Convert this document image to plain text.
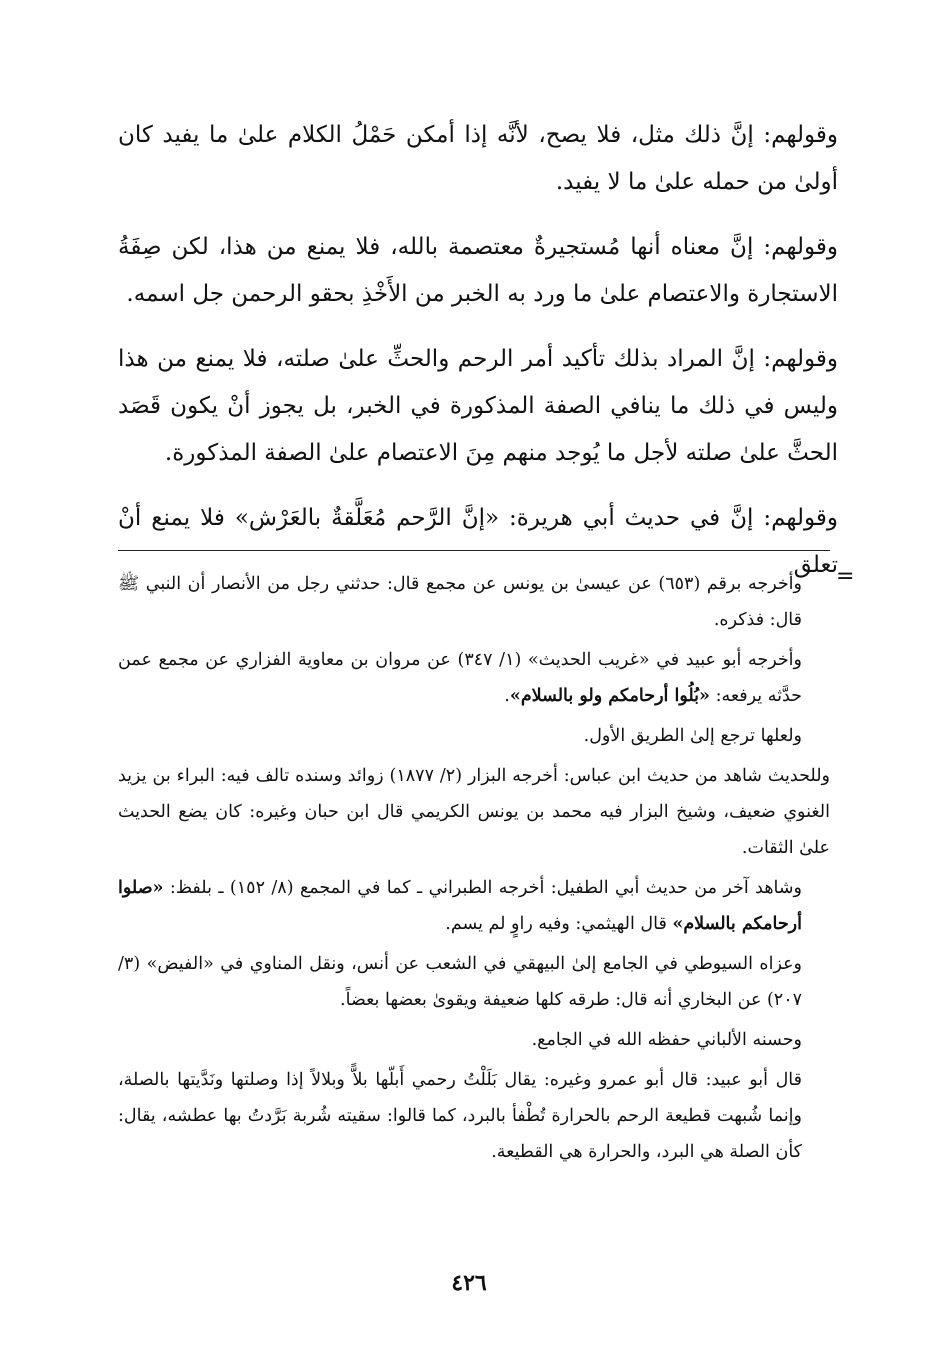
وقولهم: إنَّ ذلك مثل، فلا يصح، لأنَّه إذا أمكن حَمْلُ الكلام علىٰ ما يفيد كان أولىٰ من حمله علىٰ ما لا يفيد.

وقولهم: إنَّ معناه أنها مُستجيرةٌ معتصمة بالله، فلا يمنع من هذا، لكن صِفَةُ الاستجارة والاعتصام علىٰ ما ورد به الخبر من الأَخْذِ بحقو الرحمن جل اسمه.

وقولهم: إنَّ المراد بذلك تأكيد أمر الرحم والحثِّ علىٰ صلته، فلا يمنع من هذا وليس في ذلك ما ينافي الصفة المذكورة في الخبر، بل يجوز أنْ يكون قَصَد الحثَّ علىٰ صلته لأجل ما يُوجد منهم مِنَ الاعتصام علىٰ الصفة المذكورة.

وقولهم: إنَّ في حديث أبي هريرة: «إنَّ الرَّحم مُعَلَّقةٌ بالعَرْش» فلا يمنع أنْ تعلق

=

وأخرجه برقم (٦٥٣) عن عيسىٰ بن يونس عن مجمع قال: حدثني رجل من الأنصار أن النبي ﷺ قال: فذكره.

وأخرجه أبو عبيد في «غريب الحديث» (١/ ٣٤٧) عن مروان بن معاوية الفزاري عن مجمع عمن حدَّثه يرفعه: «بُلُوا أرحامكم ولو بالسلام».

ولعلها ترجع إلىٰ الطريق الأول.

وللحديث شاهد من حديث ابن عباس: أخرجه البزار (٢/ ١٨٧٧) زوائد وسنده تالف فيه: البراء بن يزيد الغنوي ضعيف، وشيخ البزار فيه محمد بن يونس الكريمي قال ابن حبان وغيره: كان يضع الحديث علىٰ الثقات.

وشاهد آخر من حديث أبي الطفيل: أخرجه الطبراني ـ كما في المجمع (٨/ ١٥٢) ـ بلفظ: «صلوا أرحامكم بالسلام» قال الهيثمي: وفيه راوٍ لم يسم.

وعزاه السيوطي في الجامع إلىٰ البيهقي في الشعب عن أنس، ونقل المناوي في «الفيض» (٣/ ٢٠٧) عن البخاري أنه قال: طرقه كلها ضعيفة ويقوىٰ بعضها بعضاً.

وحسنه الألباني حفظه الله في الجامع.

قال أبو عبيد: قال أبو عمرو وغيره: يقال بَلَلْتُ رحمي أَبلّها بلاًّ وبلالاً إذا وصلتها ونَدَّيتها بالصلة، وإنما شُبهت قطيعة الرحم بالحرارة تُطْفأ بالبرد، كما قالوا: سقيته شُربة بَرَّدتُ بها عطشه، يقال: كأن الصلة هي البرد، والحرارة هي القطيعة.

٤٢٦
